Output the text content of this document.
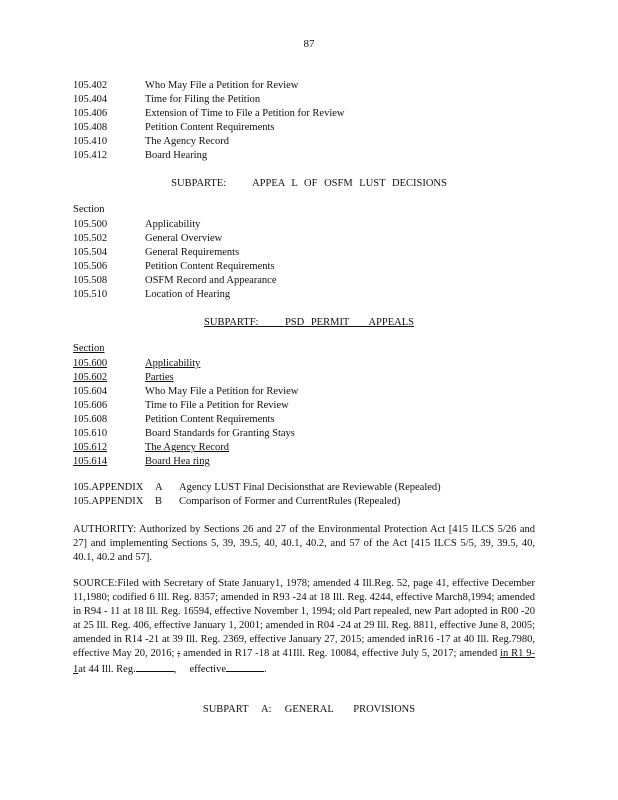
87
105.402	Who May File a Petition for Review
105.404	Time for Filing the Petition
105.406	Extension of Time to File a Petition for Review
105.408	Petition Content Requirements
105.410	The Agency Record
105.412	Board Hearing
SUBPARTE:    APPEA L OF OSFM LUST DECISIONS
Section
105.500	Applicability
105.502	General Overview
105.504	General Requirements
105.506	Petition Content Requirements
105.508	OSFM Record and Appearance
105.510	Location of Hearing
SUBPARTF:    PSD PERMIT   APPEALS
Section
105.600	Applicability
105.602	Parties
105.604	Who May File a Petition for Review
105.606	Time to File a Petition for Review
105.608	Petition Content Requirements
105.610	Board Standards for Granting Stays
105.612	The Agency Record
105.614	Board Hea ring
105.APPENDIX A Agency LUST Final Decisionsthat are Reviewable (Repealed)
105.APPENDIX B Comparison of Former and CurrentRules (Repealed)
AUTHORITY: Authorized by Sections 26 and 27 of the Environmental Protection Act [415 ILCS 5/26 and 27] and implementing Sections 5, 39, 39.5, 40, 40.1, 40.2, and 57 of the Act [415 ILCS 5/5, 39, 39.5, 40, 40.1, 40.2 and 57].
SOURCE:Filed with Secretary of State January1, 1978; amended 4 Ill.Reg. 52, page 41, effective December 11,1980; codified 6 Ill. Reg. 8357; amended in R93 -24 at 18 Ill. Reg. 4244, effective March8,1994; amended in R94 - 11 at 18 Ill. Reg. 16594, effective November 1, 1994; old Part repealed, new Part adopted in R00 -20 at 25 Ill. Reg. 406, effective January 1, 2001; amended in R04 -24 at 29 Ill. Reg. 8811, effective June 8, 2005; amended in R14 -21 at 39 Ill. Reg. 2369, effective January 27, 2015; amended inR16 -17 at 40 Ill. Reg.7980, effective May 20, 2016; ; amended in R17 -18 at 41Ill. Reg. 10084, effective July 5, 2017; amended in R1 9-1at 44 Ill. Reg.	, effective	.
SUBPART  A:  GENERAL   PROVISIONS
